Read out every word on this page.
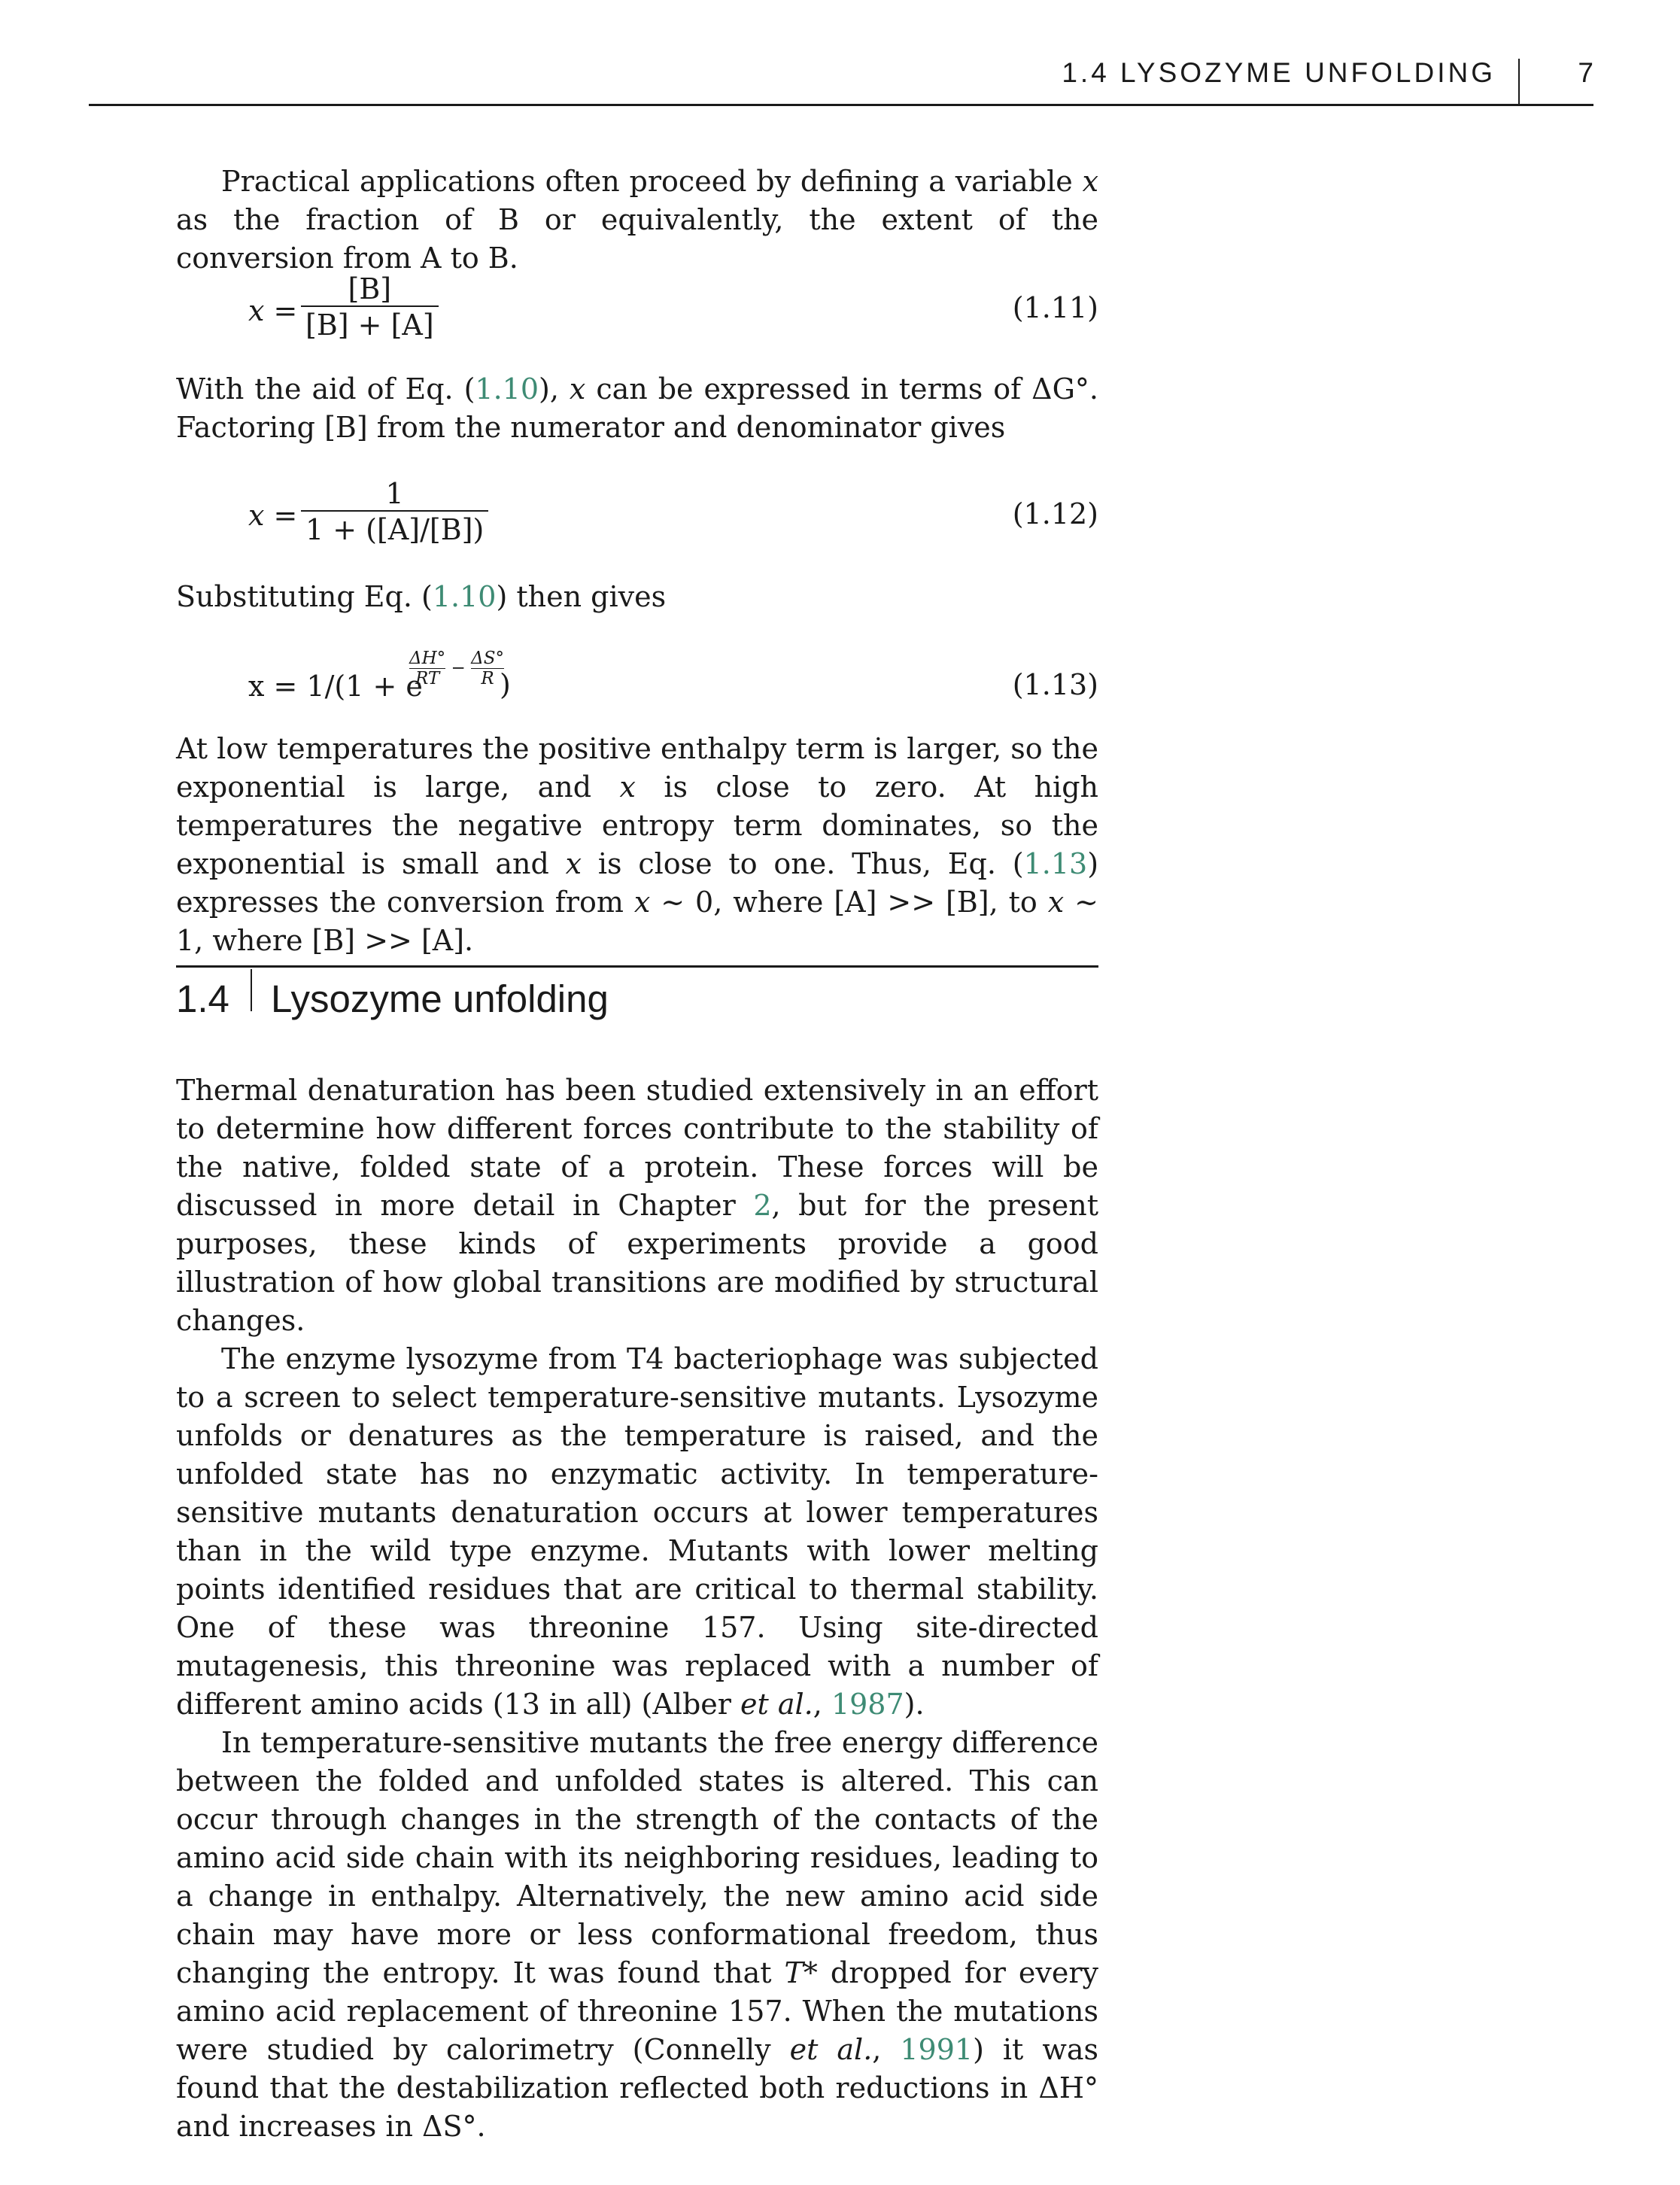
1.4 LYSOZYME UNFOLDING	7

Practical applications often proceed by defining a variable x as the fraction of B or equivalently, the extent of the conversion from A to B.

$x = \frac{[B]}{[B] + [A]}$	(1.11)

With the aid of Eq. (1.10), x can be expressed in terms of ΔG°. Factoring [B] from the numerator and denominator gives

$x = \frac{1}{1 + ([A]/[B])}$	(1.12)

Substituting Eq. (1.10) then gives

x = 1/(1 + e
$\frac{\Delta H^\circ}{RT} - \frac{\Delta S^\circ}{R}$
)	(1.13)

At low temperatures the positive enthalpy term is larger, so the exponential is large, and x is close to zero. At high temperatures the negative entropy term dominates, so the exponential is small and x is close to one. Thus, Eq. (1.13) expresses the conversion from x ∼ 0, where [A] >> [B], to x ∼ 1, where [B] >> [A].

1.4 Lysozyme unfolding

Thermal denaturation has been studied extensively in an effort to determine how different forces contribute to the stability of the native, folded state of a protein. These forces will be discussed in more detail in Chapter 2, but for the present purposes, these kinds of experiments provide a good illustration of how global transitions are modified by structural changes.

The enzyme lysozyme from T4 bacteriophage was subjected to a screen to select temperature-sensitive mutants. Lysozyme unfolds or denatures as the temperature is raised, and the unfolded state has no enzymatic activity. In temperature-sensitive mutants denaturation occurs at lower temperatures than in the wild type enzyme. Mutants with lower melting points identified residues that are critical to thermal stability. One of these was threonine 157. Using site-directed mutagenesis, this threonine was replaced with a number of different amino acids (13 in all) (Alber et al., 1987).

In temperature-sensitive mutants the free energy difference between the folded and unfolded states is altered. This can occur through changes in the strength of the contacts of the amino acid side chain with its neighboring residues, leading to a change in enthalpy. Alternatively, the new amino acid side chain may have more or less conformational freedom, thus changing the entropy. It was found that T* dropped for every amino acid replacement of threonine 157. When the mutations were studied by calorimetry (Connelly et al., 1991) it was found that the destabilization reflected both reductions in ΔH° and increases in ΔS°.
